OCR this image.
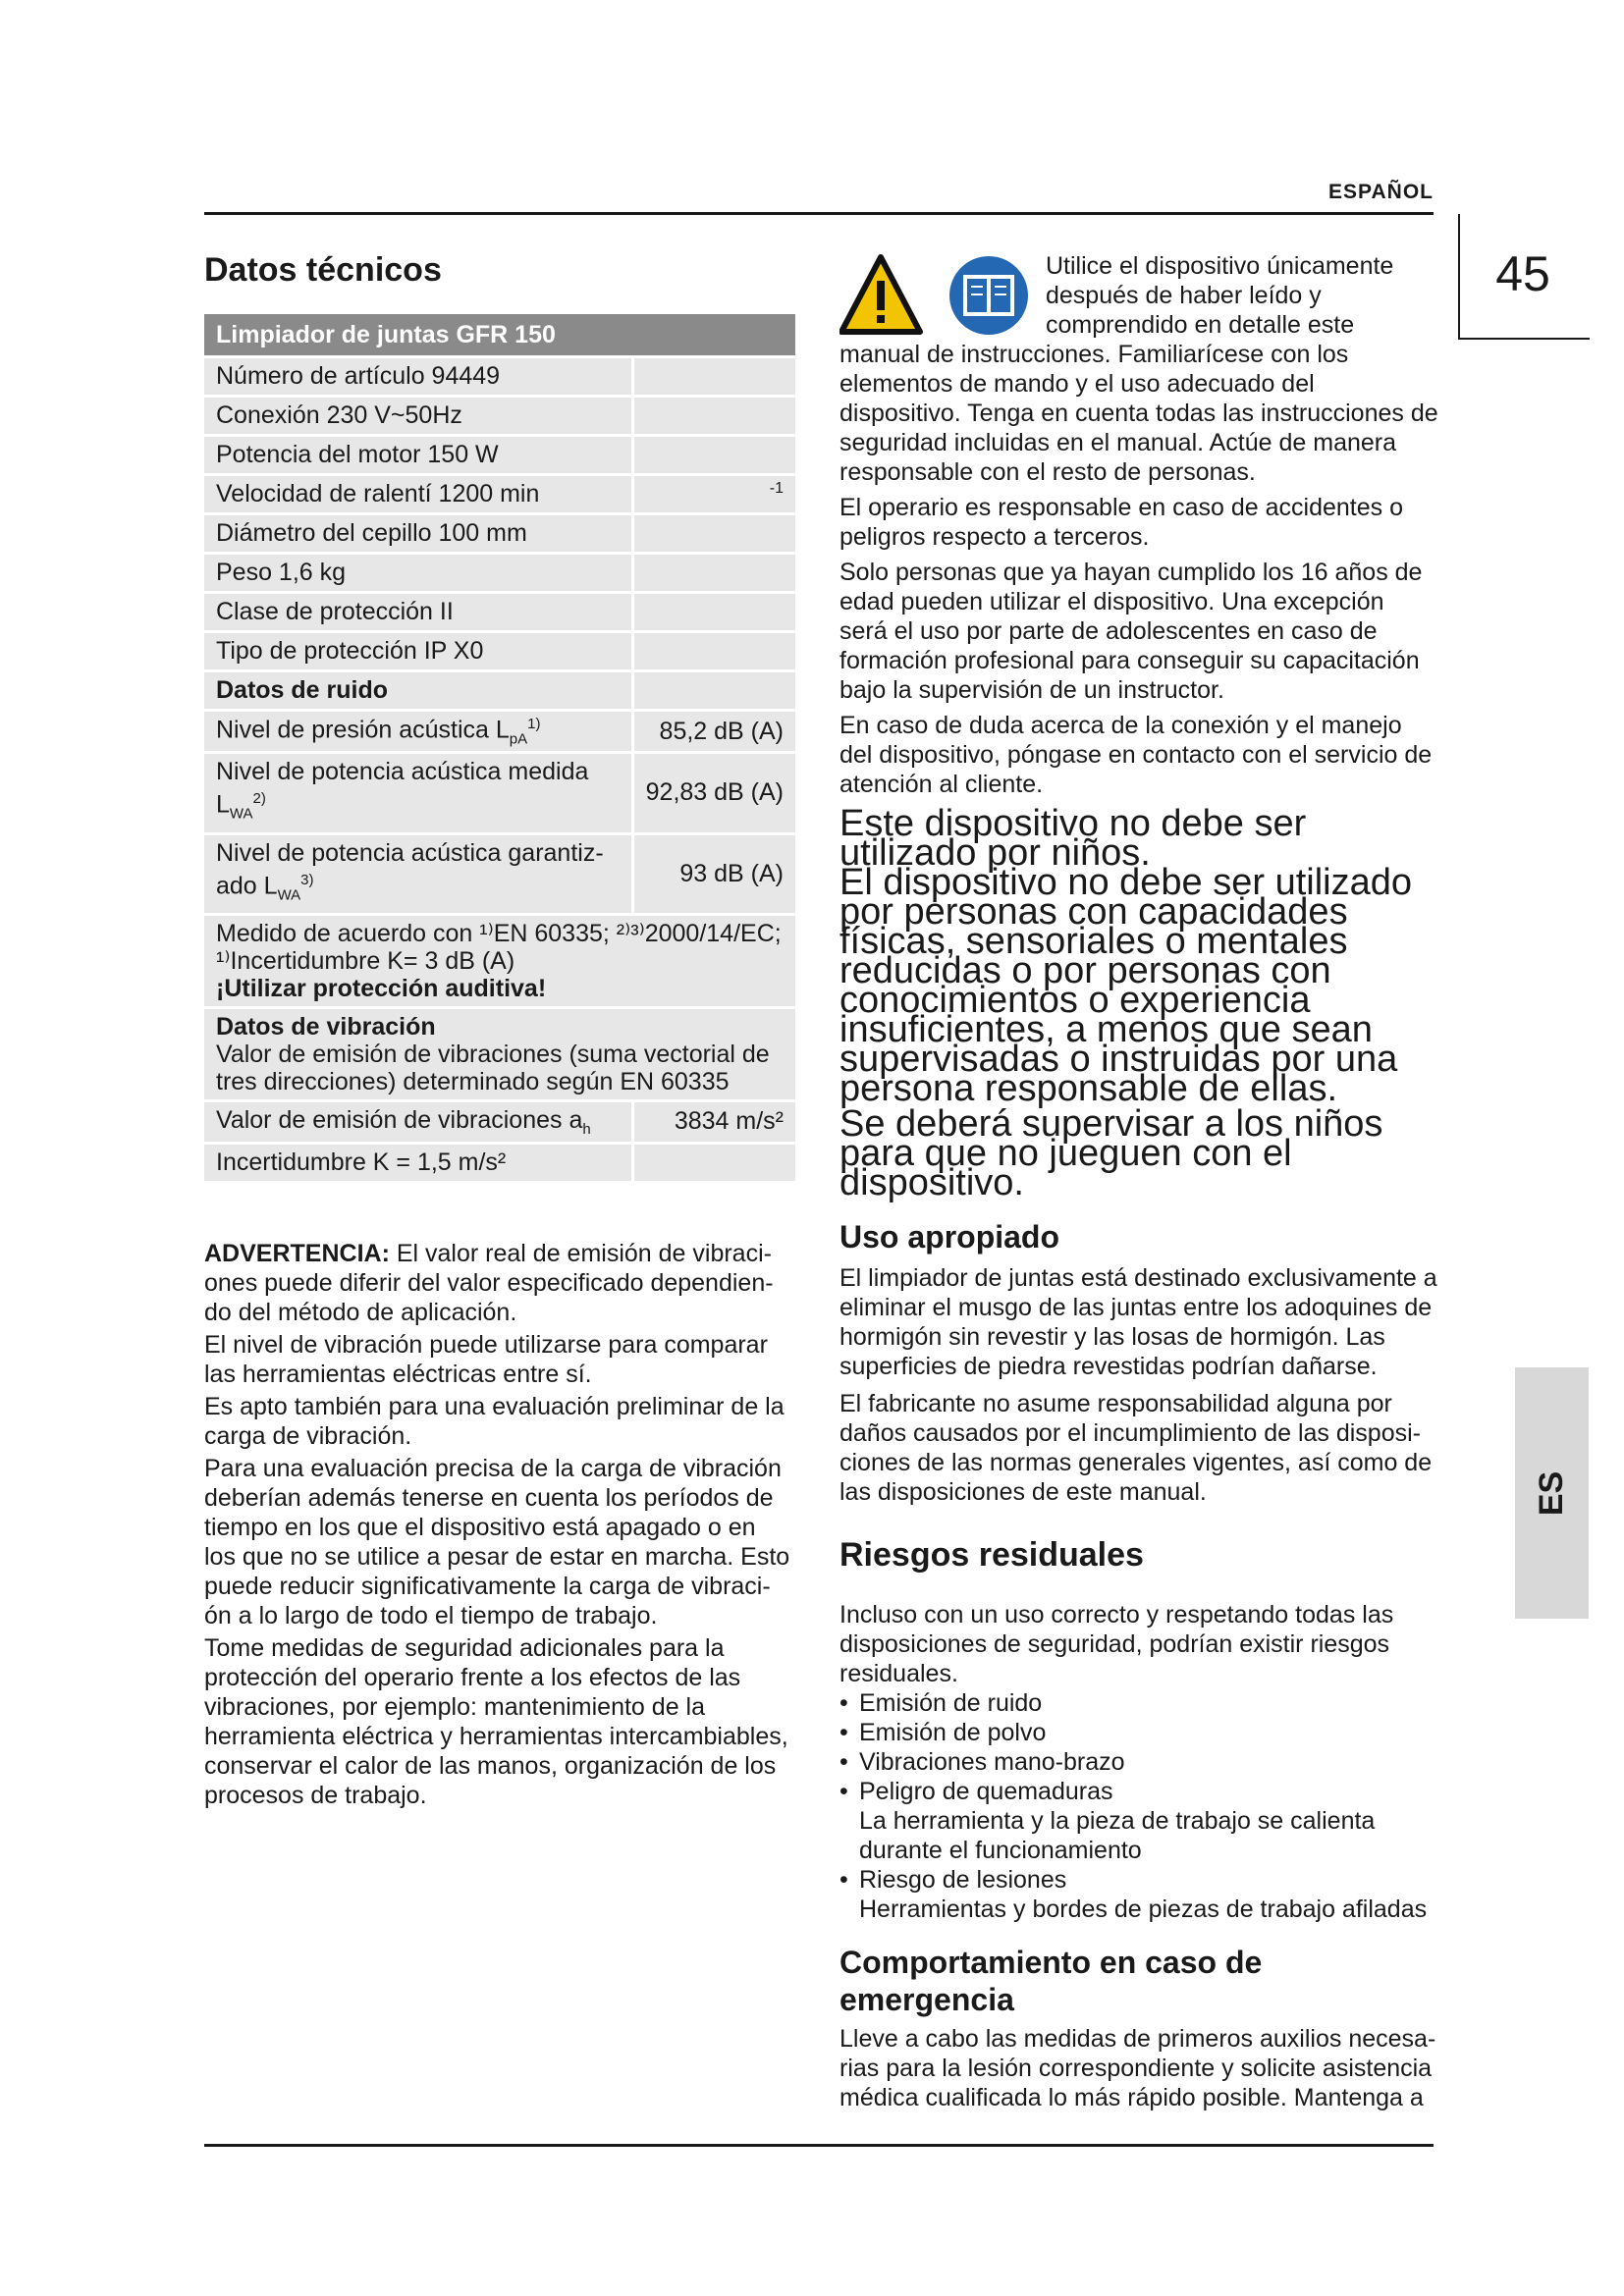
ESPAÑOL
45
ES
Datos técnicos
Limpiador de juntas GFR 150	
Número de artículo 94449	
Conexión 230 V~50Hz	
Potencia del motor 150 W	
Velocidad de ralentí 1200 min	-1
Diámetro del cepillo 100 mm	
Peso 1,6 kg	
Clase de protección II	
Tipo de protección IP X0	
Datos de ruido	
Nivel de presión acústica $L_{pA}^{1)}$	85,2 dB (A)
Nivel de potencia acústica medida $L_{WA}^{2)}$	92,83 dB (A)
Nivel de potencia acústica garantiz-ado $L_{WA}^{3)}$	93 dB (A)

Medido de acuerdo con ¹⁾EN 60335; ²⁾³⁾2000/14/EC;
¹⁾Incertidumbre K= 3 dB (A)
¡Utilizar protección auditiva!	

Datos de vibración
Valor de emisión de vibraciones (suma vectorial de tres direcciones) determinado según EN 60335	

Valor de emisión de vibraciones $a_h$	3834 m/s²
Incertidumbre K = 1,5 m/s²	

ADVERTENCIA: El valor real de emisión de vibraci-ones puede diferir del valor especificado dependien-do del método de aplicación.

El nivel de vibración puede utilizarse para comparar las herramientas eléctricas entre sí.

Es apto también para una evaluación preliminar de la carga de vibración.

Para una evaluación precisa de la carga de vibración deberían además tenerse en cuenta los períodos de tiempo en los que el dispositivo está apagado o en los que no se utilice a pesar de estar en marcha. Esto puede reducir significativamente la carga de vibraci-ón a lo largo de todo el tiempo de trabajo.

Tome medidas de seguridad adicionales para la protección del operario frente a los efectos de las vibraciones, por ejemplo: mantenimiento de la herramienta eléctrica y herramientas intercambiables, conservar el calor de las manos, organización de los procesos de trabajo.

Utilice el dispositivo únicamente después de haber leído y comprendido en detalle este

manual de instrucciones. Familiarícese con los elementos de mando y el uso adecuado del dispositivo. Tenga en cuenta todas las instrucciones de seguridad incluidas en el manual. Actúe de manera responsable con el resto de personas.

El operario es responsable en caso de accidentes o peligros respecto a terceros.

Solo personas que ya hayan cumplido los 16 años de edad pueden utilizar el dispositivo. Una excepción será el uso por parte de adolescentes en caso de formación profesional para conseguir su capacitación bajo la supervisión de un instructor.

En caso de duda acerca de la conexión y el manejo del dispositivo, póngase en contacto con el servicio de atención al cliente.

Este dispositivo no debe ser utilizado por niños.

El dispositivo no debe ser utilizado por personas con capacidades físicas, sensoriales o mentales reducidas o por personas con conocimientos o experiencia insuficientes, a menos que sean supervisadas o instruidas por una persona responsable de ellas.

Se deberá supervisar a los niños para que no jueguen con el dispositivo.

Uso apropiado

El limpiador de juntas está destinado exclusivamente a eliminar el musgo de las juntas entre los adoquines de hormigón sin revestir y las losas de hormigón. Las superficies de piedra revestidas podrían dañarse.

El fabricante no asume responsabilidad alguna por daños causados por el incumplimiento de las disposi-ciones de las normas generales vigentes, así como de las disposiciones de este manual.

Riesgos residuales

Incluso con un uso correcto y respetando todas las disposiciones de seguridad, podrían existir riesgos residuales.

• Emisión de ruido
• Emisión de polvo
• Vibraciones mano-brazo
• Peligro de quemaduras
La herramienta y la pieza de trabajo se calienta durante el funcionamiento
• Riesgo de lesiones
Herramientas y bordes de piezas de trabajo afiladas
Comportamiento en caso de emergencia

Lleve a cabo las medidas de primeros auxilios necesa-rias para la lesión correspondiente y solicite asistencia médica cualificada lo más rápido posible. Mantenga a
